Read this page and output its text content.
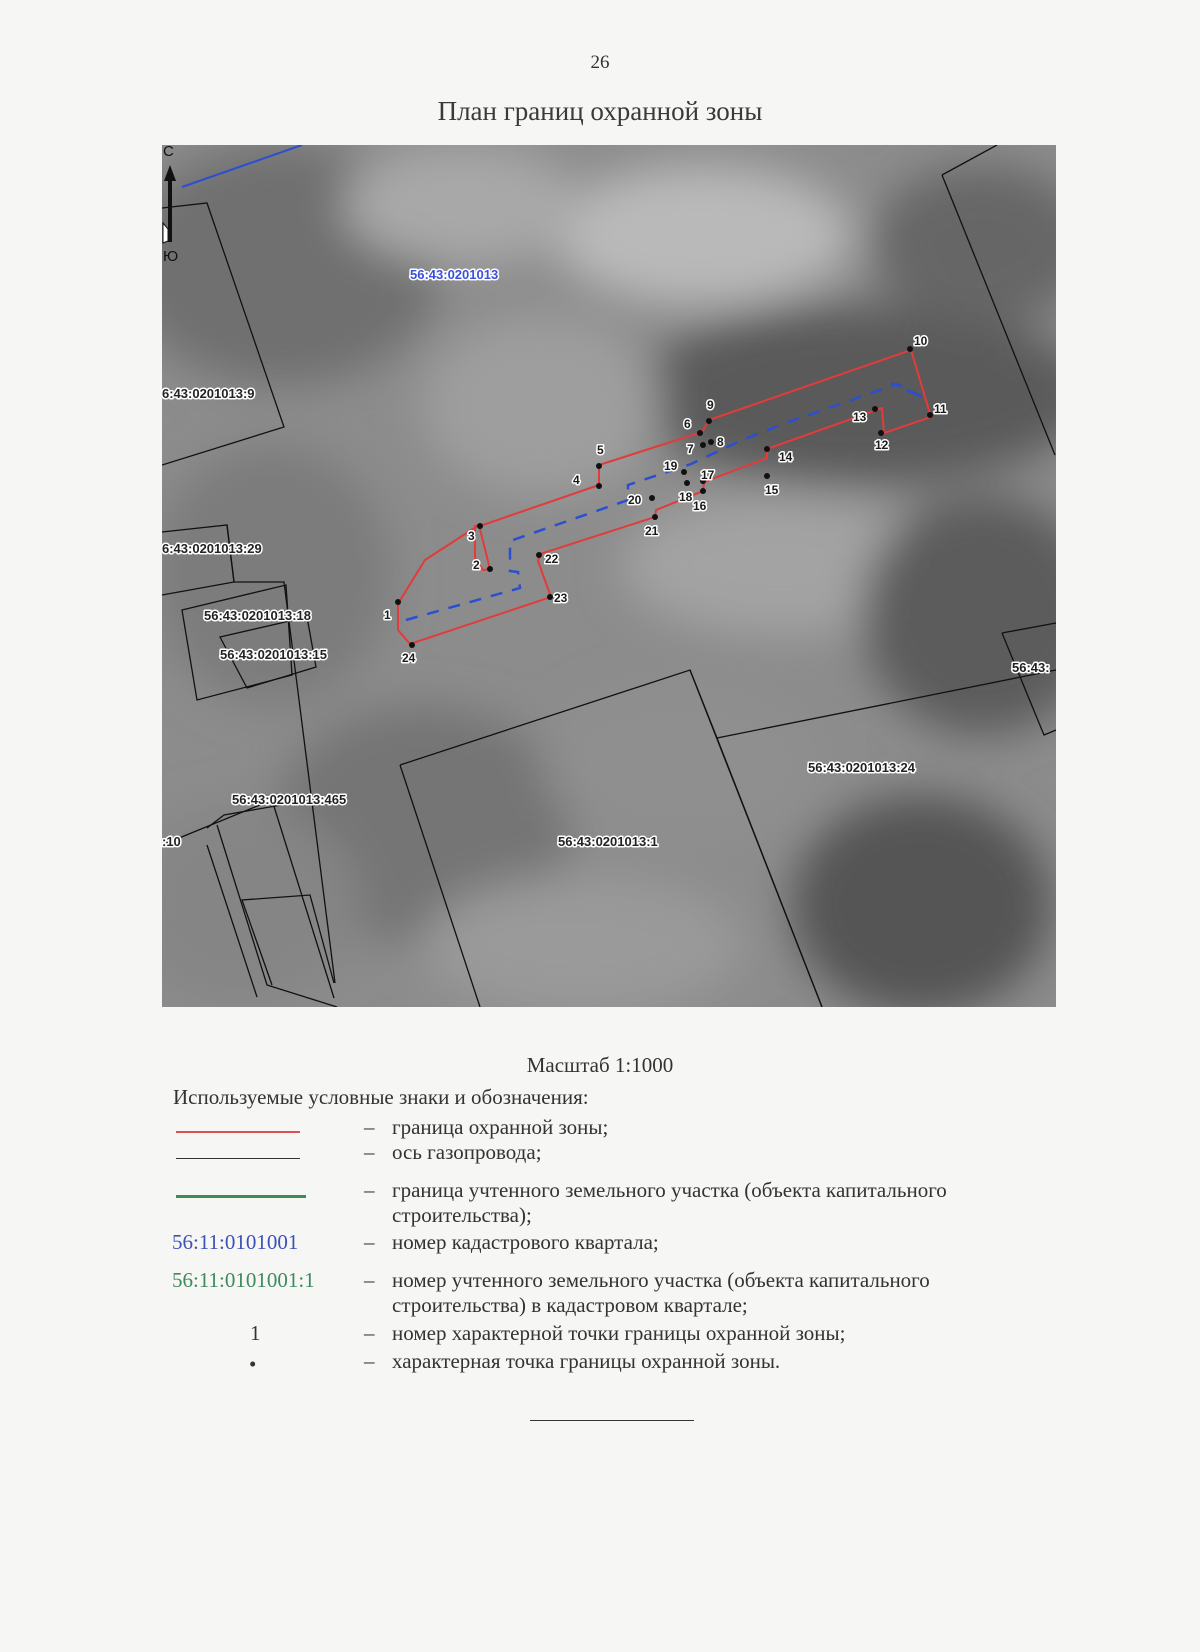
26
План границ охранной зоны
1
2
3
4
5
6
7 8
9
10
11
12
13
14
15
16
17
18
19
20
21
22
23
24
56:43:0201013
6:43:0201013:9
6:43:0201013:29
56:43:0201013:18
56:43:0201013:15
56:43:0201013:465
:10	56:43:0201013:1
56:43:0201013:24
56:43:
С
Ю
Масштаб 1:1000
Используемые условные знаки и обозначения:
– граница охранной зоны;
– ось газопровода;
– граница учтенного земельного участка (объекта капитального строительства);
56:11:0101001	– номер кадастрового квартала;
56:11:0101001:1 – номер учтенного земельного участка (объекта капитального строительства) в кадастровом квартале;
1	– номер характерной точки границы охранной зоны;
•	– характерная точка границы охранной зоны.
